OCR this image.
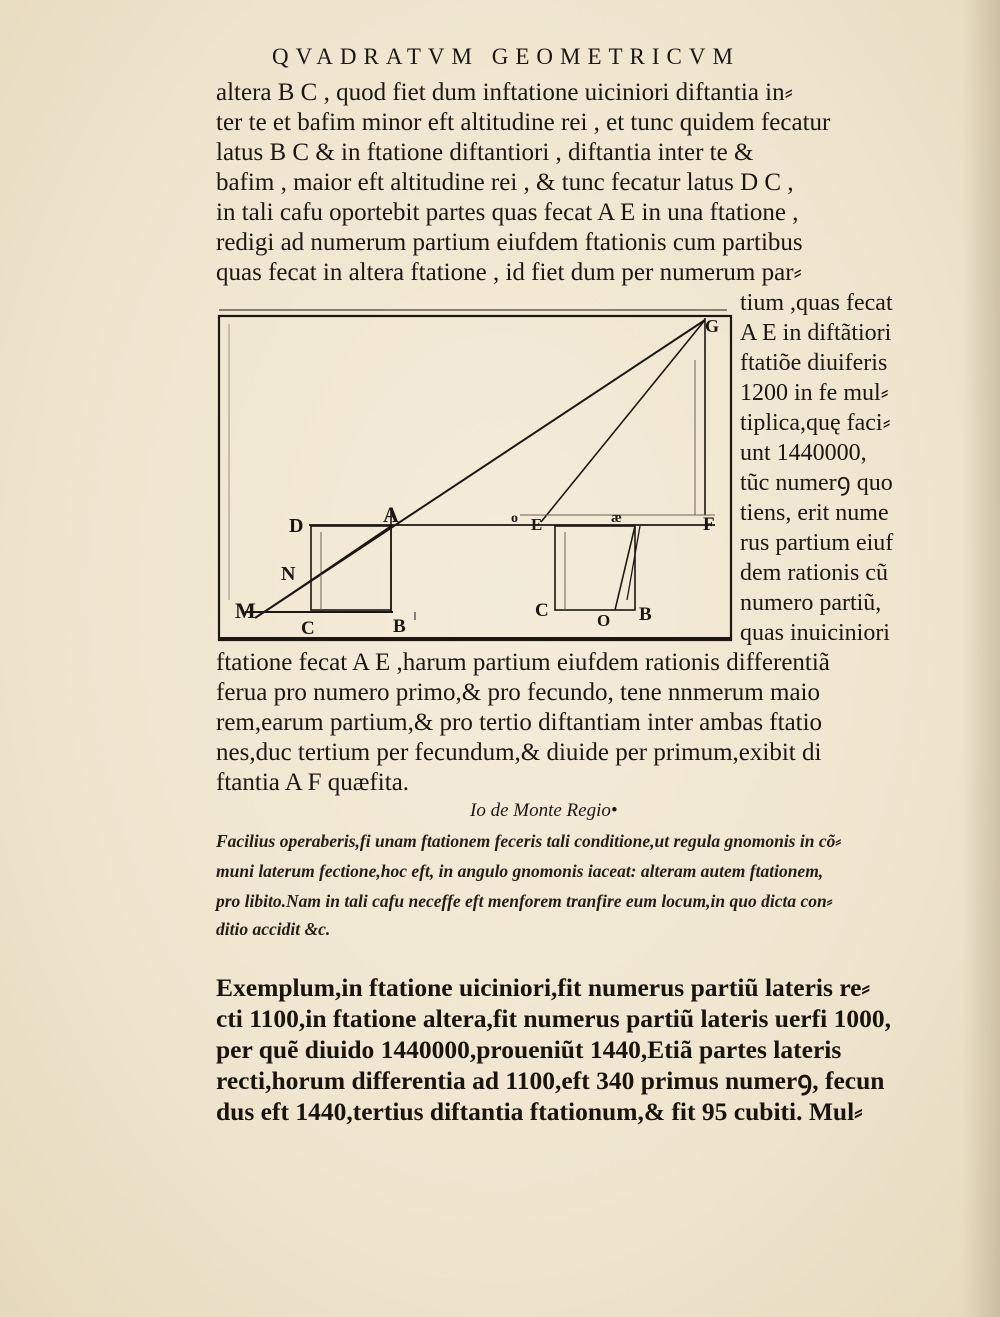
QVADRATVM GEOMETRICVM
altera B C , quod fiet dum inftatione uiciniori diftantia in⸗
ter te et bafim minor eft altitudine rei , et tunc quidem fecatur
latus B C & in ftatione diftantiori , diftantia inter te &
bafim , maior eft altitudine rei , & tunc fecatur latus D C ,
in tali cafu oportebit partes quas fecat A E in una ftatione ,
redigi ad numerum partium eiufdem ftationis cum partibus
quas fecat in altera ftatione , id fiet dum per numerum par⸗
tium ,quas fecat
A E in diftãtiori
ftatiõe diuiferis
1200 in fe mul⸗
tiplica,quę faci⸗
unt 1440000,
tũc numerꝯ quo
tiens, erit nume
rus partium eiuf
dem rationis cũ
numero partiũ,
quas inuiciniori
G
A
D
N
M
C	B
E	æ	F
C	O B
o
ftatione fecat A E ,harum partium eiufdem rationis differentiã
ferua pro numero primo,& pro fecundo, tene nnmerum maio
rem,earum partium,& pro tertio diftantiam inter ambas ftatio
nes,duc tertium per fecundum,& diuide per primum,exibit di
ftantia A F quæfita.
Io de Monte Regio•
Facilius operaberis,fi unam ftationem feceris tali conditione,ut regula gnomonis in cõ⸗
muni laterum fectione,hoc eft, in angulo gnomonis iaceat: alteram autem ftationem,
pro libito.Nam in tali cafu neceffe eft menforem tranfire eum locum,in quo dicta con⸗
ditio accidit &c.
Exemplum,in ftatione uiciniori,fit numerus partiũ lateris re⸗
cti 1100,in ftatione altera,fit numerus partiũ lateris uerfi 1000,
per quẽ diuido 1440000,proueniũt 1440,Etiã partes lateris
recti,horum differentia ad 1100,eft 340 primus numerꝯ, fecun
dus eft 1440,tertius diftantia ftationum,& fit 95 cubiti. Mul⸗
